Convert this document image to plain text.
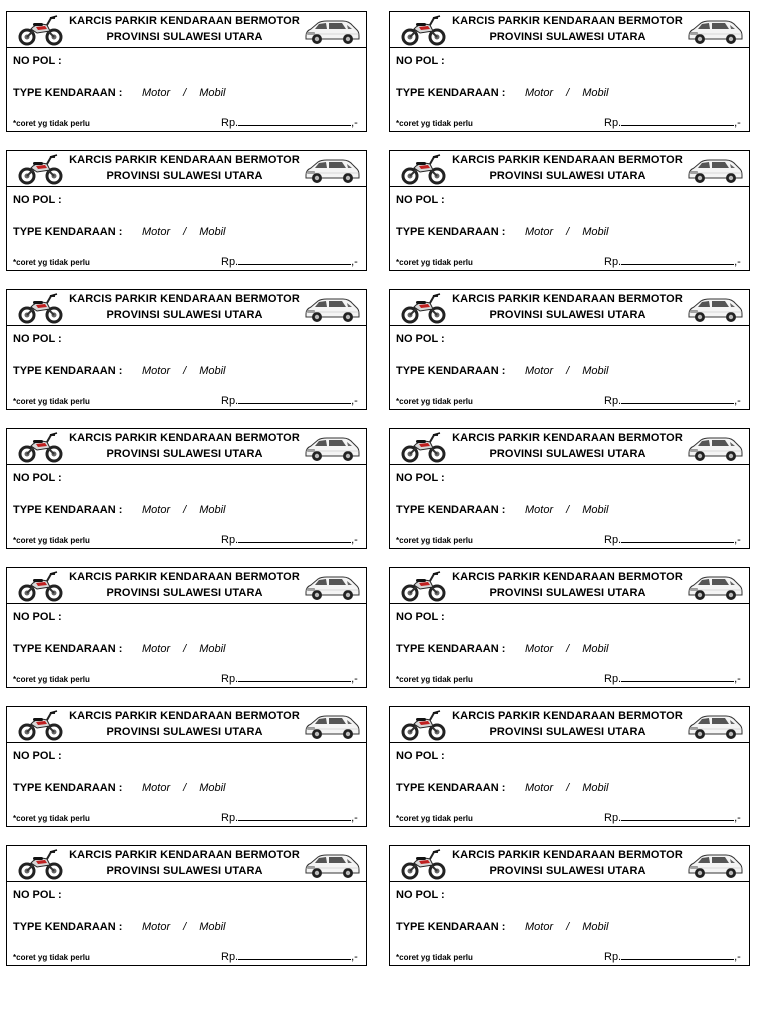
KARCIS PARKIR KENDARAAN BERMOTOR
PROVINSI SULAWESI UTARA
NO POL :
TYPE KENDARAAN : Motor / Mobil
*coret yg tidak perlu	Rp.	,-
KARCIS PARKIR KENDARAAN BERMOTOR
PROVINSI SULAWESI UTARA
NO POL :
TYPE KENDARAAN : Motor / Mobil
*coret yg tidak perlu	Rp.	,-
KARCIS PARKIR KENDARAAN BERMOTOR
PROVINSI SULAWESI UTARA
NO POL :
TYPE KENDARAAN : Motor / Mobil
*coret yg tidak perlu	Rp.	,-
KARCIS PARKIR KENDARAAN BERMOTOR
PROVINSI SULAWESI UTARA
NO POL :
TYPE KENDARAAN : Motor / Mobil
*coret yg tidak perlu	Rp.	,-
KARCIS PARKIR KENDARAAN BERMOTOR
PROVINSI SULAWESI UTARA
NO POL :
TYPE KENDARAAN : Motor / Mobil
*coret yg tidak perlu	Rp.	,-
KARCIS PARKIR KENDARAAN BERMOTOR
PROVINSI SULAWESI UTARA
NO POL :
TYPE KENDARAAN : Motor / Mobil
*coret yg tidak perlu	Rp.	,-
KARCIS PARKIR KENDARAAN BERMOTOR
PROVINSI SULAWESI UTARA
NO POL :
TYPE KENDARAAN : Motor / Mobil
*coret yg tidak perlu	Rp.	,-
KARCIS PARKIR KENDARAAN BERMOTOR
PROVINSI SULAWESI UTARA
NO POL :
TYPE KENDARAAN : Motor / Mobil
*coret yg tidak perlu	Rp.	,-
KARCIS PARKIR KENDARAAN BERMOTOR
PROVINSI SULAWESI UTARA
NO POL :
TYPE KENDARAAN : Motor / Mobil
*coret yg tidak perlu	Rp.	,-
KARCIS PARKIR KENDARAAN BERMOTOR
PROVINSI SULAWESI UTARA
NO POL :
TYPE KENDARAAN : Motor / Mobil
*coret yg tidak perlu	Rp.	,-
KARCIS PARKIR KENDARAAN BERMOTOR
PROVINSI SULAWESI UTARA
NO POL :
TYPE KENDARAAN : Motor / Mobil
*coret yg tidak perlu	Rp.	,-
KARCIS PARKIR KENDARAAN BERMOTOR
PROVINSI SULAWESI UTARA
NO POL :
TYPE KENDARAAN : Motor / Mobil
*coret yg tidak perlu	Rp.	,-
KARCIS PARKIR KENDARAAN BERMOTOR
PROVINSI SULAWESI UTARA
NO POL :
TYPE KENDARAAN : Motor / Mobil
*coret yg tidak perlu	Rp.	,-
KARCIS PARKIR KENDARAAN BERMOTOR
PROVINSI SULAWESI UTARA
NO POL :
TYPE KENDARAAN : Motor / Mobil
*coret yg tidak perlu	Rp.	,-
